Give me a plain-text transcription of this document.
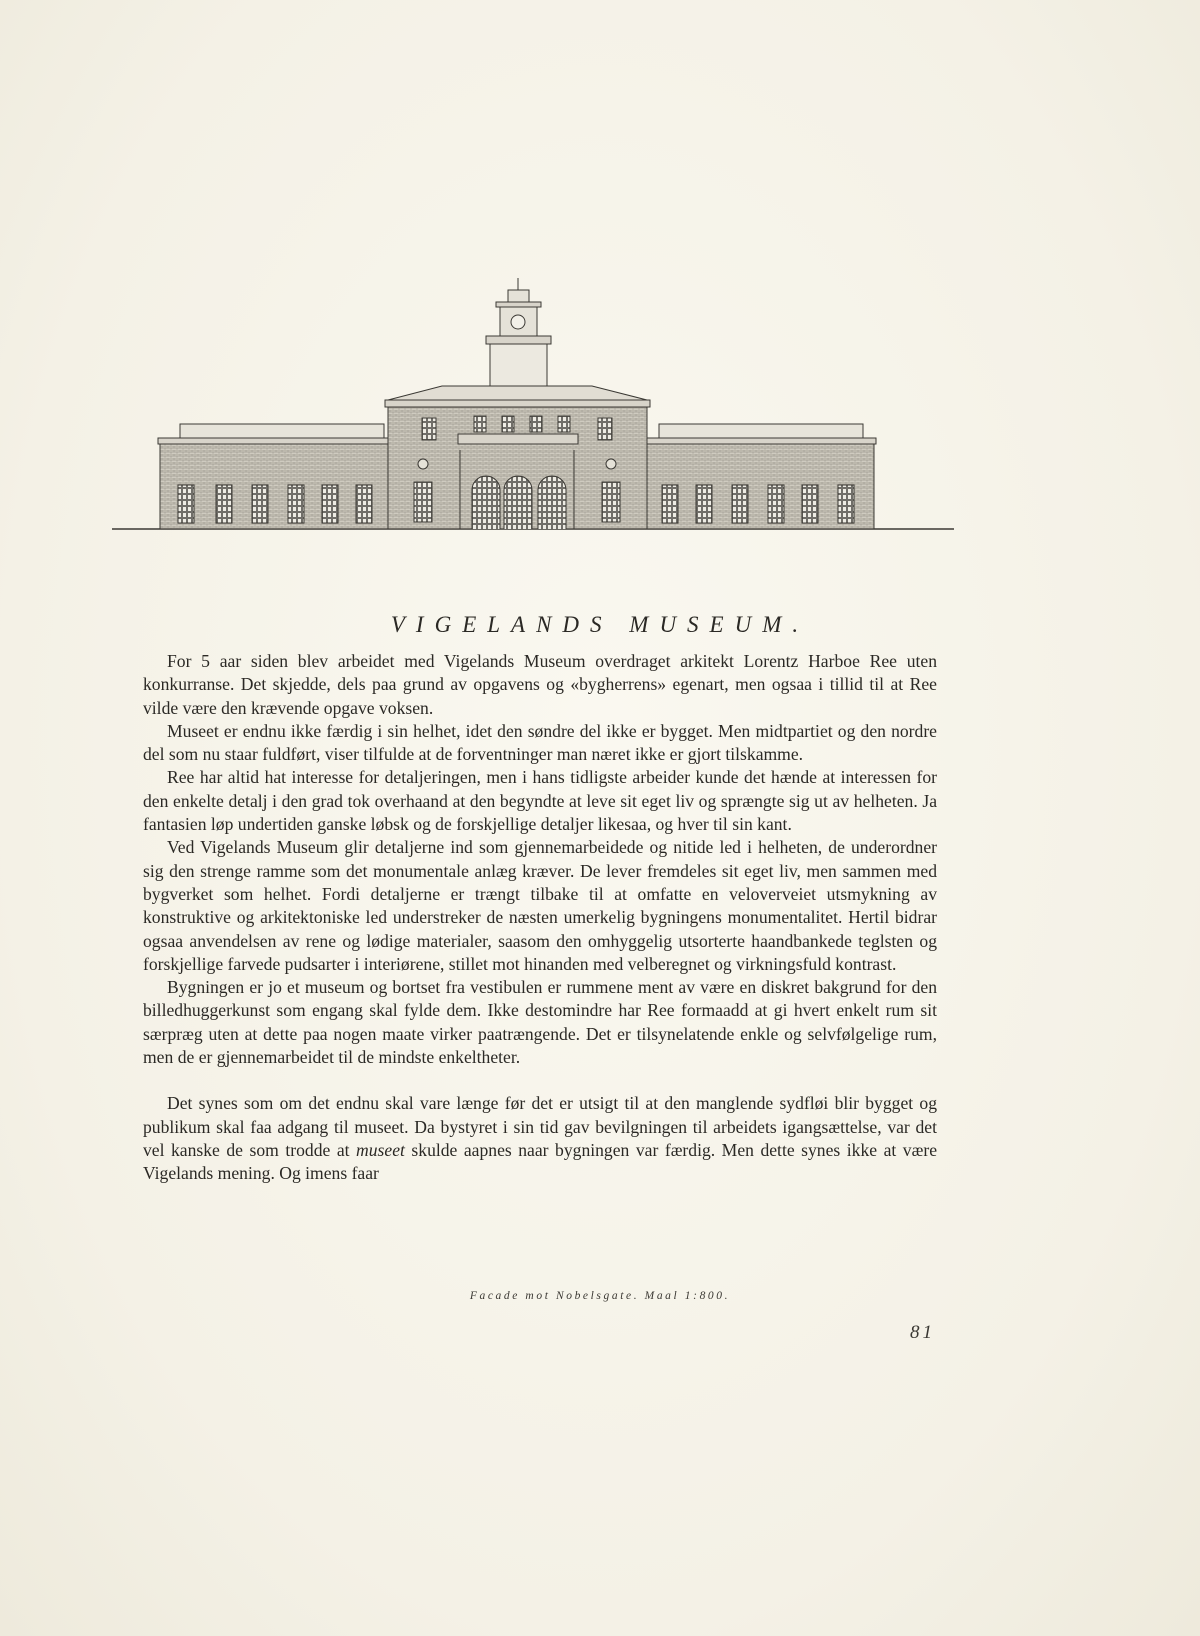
VIGELANDS MUSEUM.

For 5 aar siden blev arbeidet med Vigelands Museum overdraget arkitekt Lorentz Harboe Ree uten konkurranse. Det skjedde, dels paa grund av opgavens og «bygherrens» egenart, men ogsaa i tillid til at Ree vilde være den krævende opgave voksen.

Museet er endnu ikke færdig i sin helhet, idet den søndre del ikke er bygget. Men midtpartiet og den nordre del som nu staar fuldført, viser tilfulde at de forventninger man næret ikke er gjort tilskamme.

Ree har altid hat interesse for detaljeringen, men i hans tidligste arbeider kunde det hænde at interessen for den enkelte detalj i den grad tok overhaand at den begyndte at leve sit eget liv og sprængte sig ut av helheten. Ja fantasien løp undertiden ganske løbsk og de forskjellige detaljer likesaa, og hver til sin kant.

Ved Vigelands Museum glir detaljerne ind som gjennemarbeidede og nitide led i helheten, de underordner sig den strenge ramme som det monumentale anlæg kræver. De lever fremdeles sit eget liv, men sammen med bygverket som helhet. Fordi detaljerne er trængt tilbake til at omfatte en veloverveiet utsmykning av konstruktive og arkitektoniske led understreker de næsten umerkelig bygningens monumentalitet. Hertil bidrar ogsaa anvendelsen av rene og lødige materialer, saasom den omhyggelig utsorterte haandbankede teglsten og forskjellige farvede pudsarter i interiørene, stillet mot hinanden med velberegnet og virkningsfuld kontrast.

Bygningen er jo et museum og bortset fra vestibulen er rummene ment av være en diskret bakgrund for den billedhuggerkunst som engang skal fylde dem. Ikke destomindre har Ree formaadd at gi hvert enkelt rum sit særpræg uten at dette paa nogen maate virker paatrængende. Det er tilsynelatende enkle og selvfølgelige rum, men de er gjennemarbeidet til de mindste enkeltheter.

Det synes som om det endnu skal vare længe før det er utsigt til at den manglende sydfløi blir bygget og publikum skal faa adgang til museet. Da bystyret i sin tid gav bevilgningen til arbeidets igangsættelse, var det vel kanske de som trodde at museet skulde aapnes naar bygningen var færdig. Men dette synes ikke at være Vigelands mening. Og imens faar

Facade mot Nobelsgate. Maal 1:800.
81
